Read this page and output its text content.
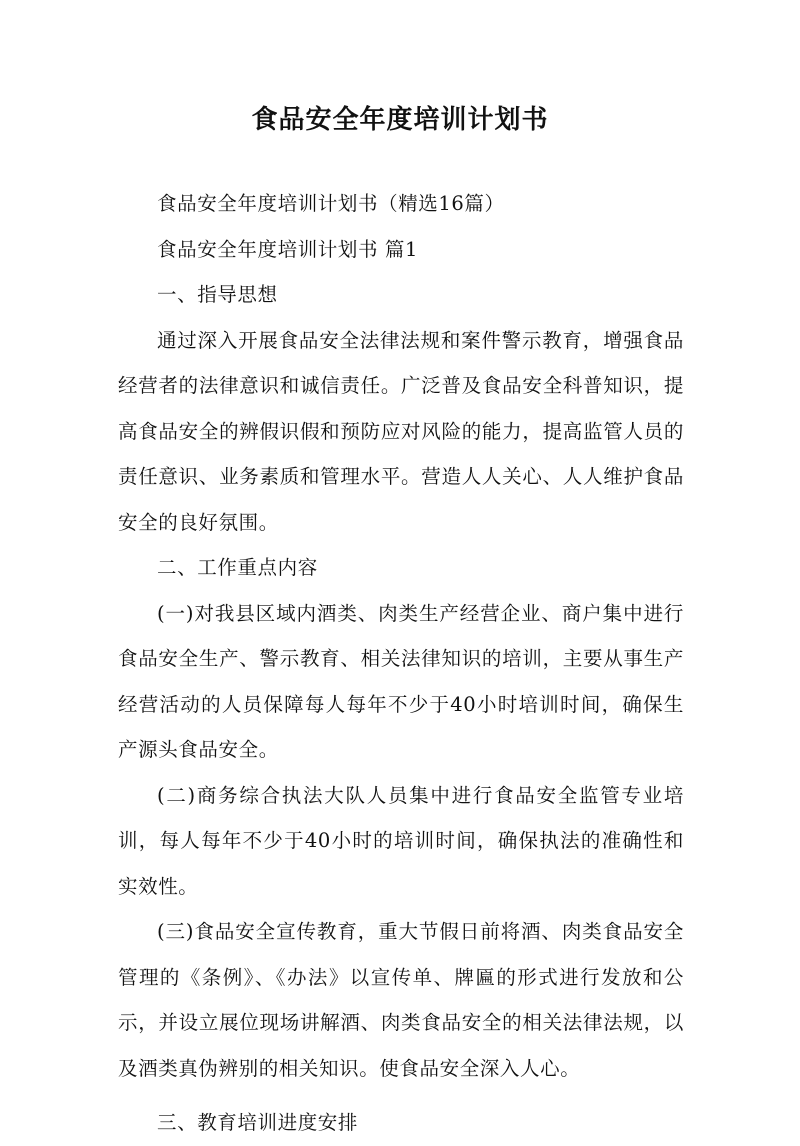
食品安全年度培训计划书

食品安全年度培训计划书（精选16篇）

食品安全年度培训计划书 篇1

一、指导思想

通过深入开展食品安全法律法规和案件警示教育，增强食品经营者的法律意识和诚信责任。广泛普及食品安全科普知识，提高食品安全的辨假识假和预防应对风险的能力，提高监管人员的责任意识、业务素质和管理水平。营造人人关心、人人维护食品安全的良好氛围。

二、工作重点内容

(一)对我县区域内酒类、肉类生产经营企业、商户集中进行食品安全生产、警示教育、相关法律知识的培训，主要从事生产经营活动的人员保障每人每年不少于40小时培训时间，确保生产源头食品安全。

(二)商务综合执法大队人员集中进行食品安全监管专业培训，每人每年不少于40小时的培训时间，确保执法的准确性和实效性。

(三)食品安全宣传教育，重大节假日前将酒、肉类食品安全管理的《条例》、《办法》以宣传单、牌匾的形式进行发放和公示，并设立展位现场讲解酒、肉类食品安全的相关法律法规，以及酒类真伪辨别的相关知识。使食品安全深入人心。

三、教育培训进度安排
